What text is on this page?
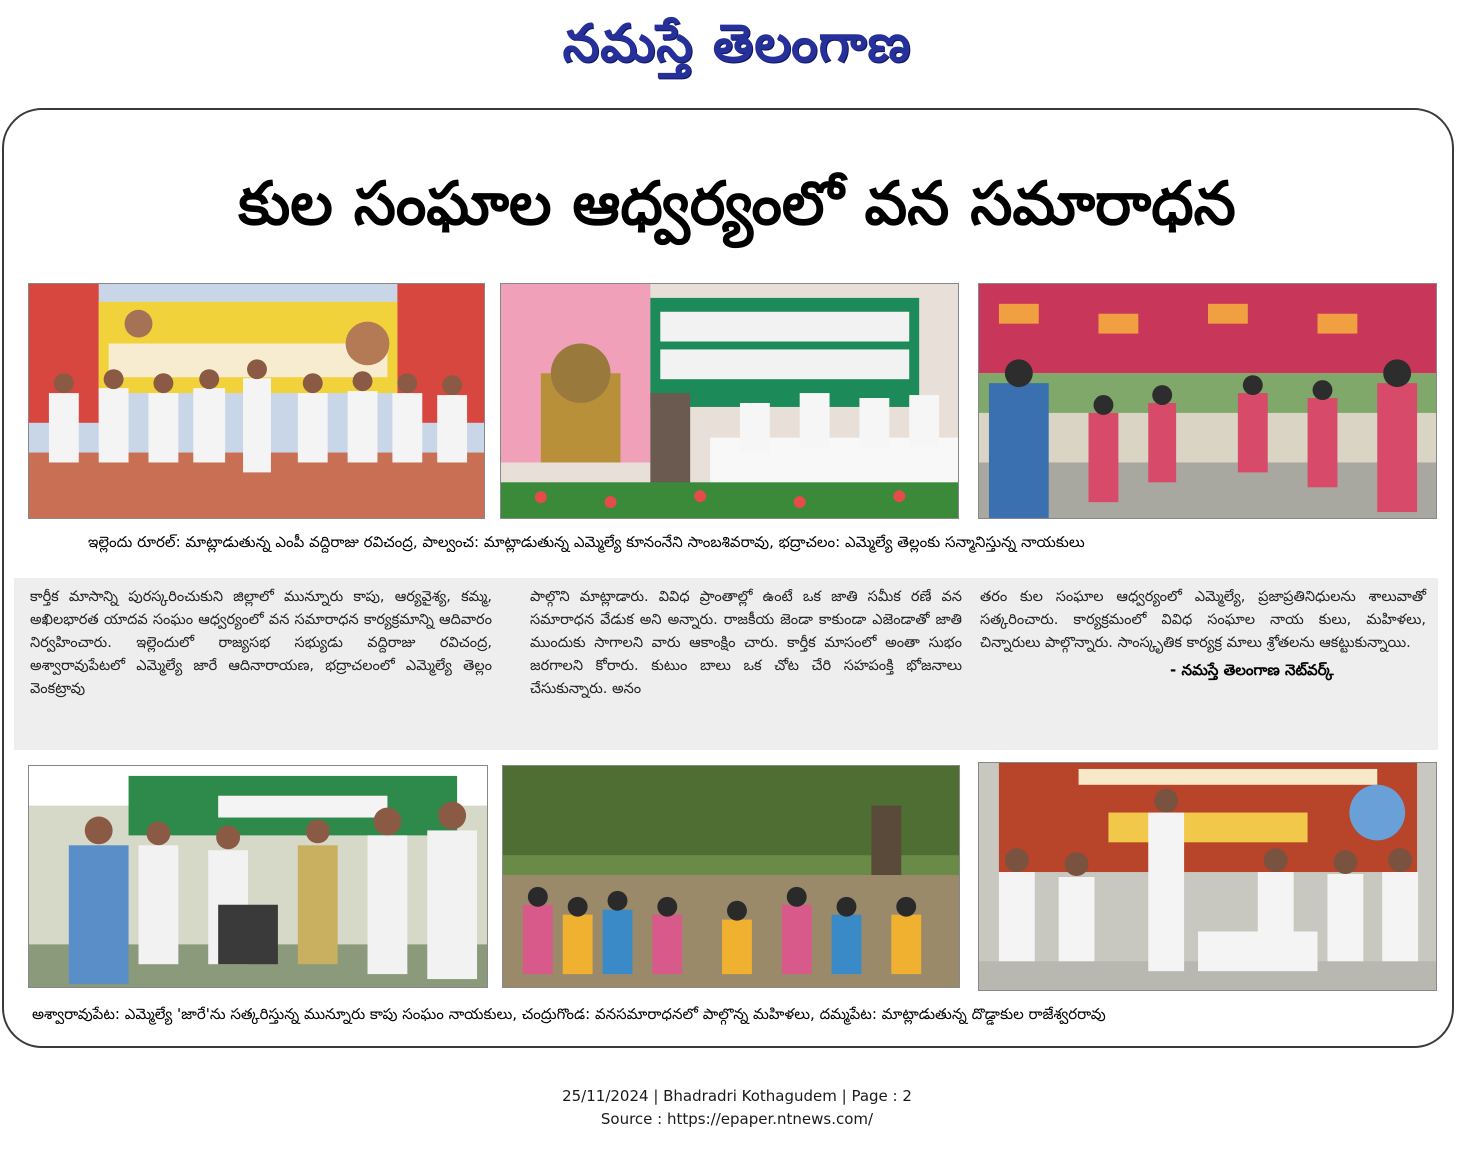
నమస్తే తెలంగాణ
కుల సంఘాల ఆధ్వర్యంలో వన సమారాధన
ఇల్లెందు రూరల్: మాట్లాడుతున్న ఎంపీ వద్దిరాజు రవిచంద్ర, పాల్వంచ: మాట్లాడుతున్న ఎమ్మెల్యే కూనంనేని సాంబశివరావు, భద్రాచలం: ఎమ్మెల్యే తెల్లంకు సన్మానిస్తున్న నాయకులు

కార్తీక మాసాన్ని పురస్కరించుకుని జిల్లాలో మున్నూరు కాపు, ఆర్యవైశ్య, కమ్మ, అఖిలభారత యాదవ సంఘం ఆధ్వర్యంలో వన సమారాధన కార్యక్రమాన్ని ఆదివారం నిర్వహించారు. ఇల్లెందులో రాజ్యసభ సభ్యుడు వద్దిరాజు రవిచంద్ర, అశ్వారావుపేటలో ఎమ్మెల్యే జారే ఆదినారాయణ, భద్రాచలంలో ఎమ్మెల్యే తెల్లం వెంకట్రావు

పాల్గొని మాట్లాడారు. వివిధ ప్రాంతాల్లో ఉంటే ఒక జాతి సమీక రణే వన సమారాధన వేడుక అని అన్నారు. రాజకీయ జెండా కాకుండా ఎజెండాతో జాతి ముందుకు సాగాలని వారు ఆకాంక్షిం చారు. కార్తీక మాసంలో అంతా సుభం జరగాలని కోరారు. కుటుం బాలు ఒక చోట చేరి సహపంక్తి భోజనాలు చేసుకున్నారు. అనం

తరం కుల సంఘాల ఆధ్వర్యంలో ఎమ్మెల్యే, ప్రజాప్రతినిధులను శాలువాతో సత్కరించారు. కార్యక్రమంలో వివిధ సంఘాల నాయ కులు, మహిళలు, చిన్నారులు పాల్గొన్నారు. సాంస్కృతిక కార్యక్ర మాలు శ్రోతలను ఆకట్టుకున్నాయి.

- నమస్తే తెలంగాణ నెట్‌వర్క్
అశ్వారావుపేట: ఎమ్మెల్యే 'జారే'ను సత్కరిస్తున్న మున్నూరు కాపు సంఘం నాయకులు, చంద్రుగొండ: వనసమారాధనలో పాల్గొన్న మహిళలు, దమ్మపేట: మాట్లాడుతున్న దొడ్డాకుల రాజేశ్వరరావు
25/11/2024 | Bhadradri Kothagudem | Page : 2
Source : https://epaper.ntnews.com/
